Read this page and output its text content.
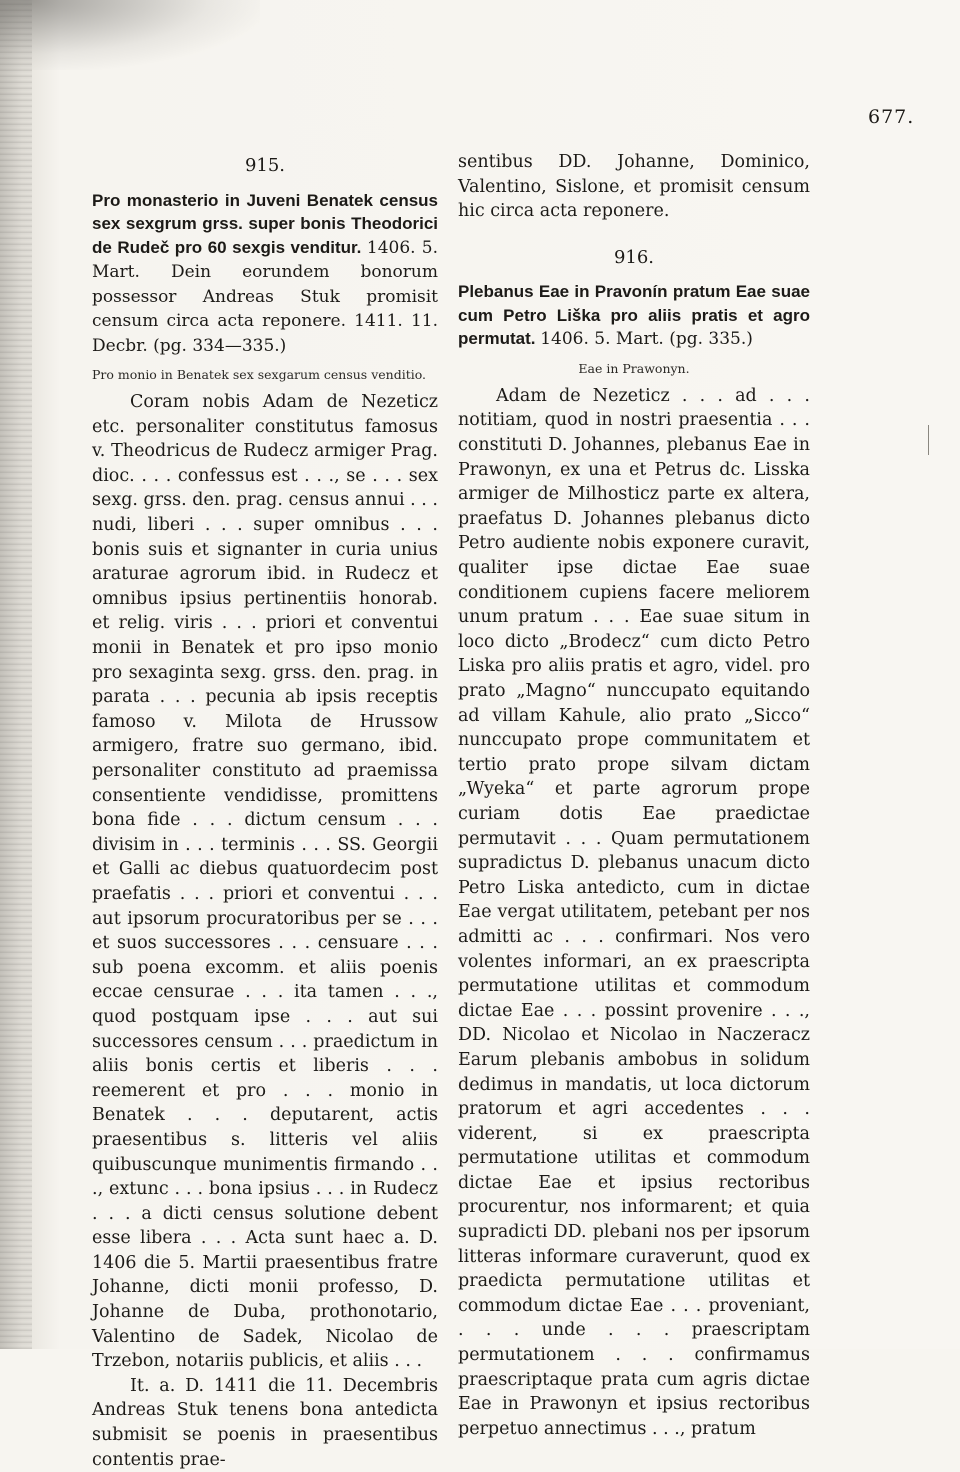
677.
915.
Pro monasterio in Juveni Benatek census sex sexgrum grss. super bonis Theodorici de Rudeč pro 60 sexgis venditur. 1406. 5. Mart. Dein eorundem bonorum possessor Andreas Stuk promisit censum circa acta reponere. 1411. 11. Decbr. (pg. 334—335.)
Pro monio in Benatek sex sexgarum census venditio.
Coram nobis Adam de Nezeticz etc. personaliter constitutus famosus v. Theodricus de Rudecz armiger Prag. dioc. . . . confessus est . . ., se . . . sex sexg. grss. den. prag. census annui . . . nudi, liberi . . . super omnibus . . . bonis suis et signanter in curia unius araturae agrorum ibid. in Rudecz et omnibus ipsius pertinentiis honorab. et relig. viris . . . priori et conventui monii in Benatek et pro ipso monio pro sexaginta sexg. grss. den. prag. in parata . . . pecunia ab ipsis receptis famoso v. Milota de Hrussow armigero, fratre suo germano, ibid. personaliter constituto ad praemissa consentiente vendidisse, promittens bona fide . . . dictum censum . . . divisim in . . . terminis . . . SS. Georgii et Galli ac diebus quatuordecim post praefatis . . . priori et conventui . . . aut ipsorum procuratoribus per se . . . et suos successores . . . censuare . . . sub poena excomm. et aliis poenis eccae censurae . . . ita tamen . . ., quod postquam ipse . . . aut sui successores censum . . . praedictum in aliis bonis certis et liberis . . . reemerent et pro . . . monio in Benatek . . . deputarent, actis praesentibus s. litteris vel aliis quibuscunque munimentis firmando . . ., extunc . . . bona ipsius . . . in Rudecz . . . a dicti census solutione debent esse libera . . . Acta sunt haec a. D. 1406 die 5. Martii praesentibus fratre Johanne, dicti monii professo, D. Johanne de Duba, prothonotario, Valentino de Sadek, Nicolao de Trzebon, notariis publicis, et aliis . . .
It. a. D. 1411 die 11. Decembris Andreas Stuk tenens bona antedicta submisit se poenis in praesentibus contentis prae-
sentibus DD. Johanne, Dominico, Valentino, Sislone, et promisit censum hic circa acta reponere.
916.
Plebanus Eae in Pravonín pratum Eae suae cum Petro Liška pro aliis pratis et agro permutat. 1406. 5. Mart. (pg. 335.)
Eae in Prawonyn.
Adam de Nezeticz . . . ad . . . notitiam, quod in nostri praesentia . . . constituti D. Johannes, plebanus Eae in Prawonyn, ex una et Petrus dc. Lisska armiger de Milhosticz parte ex altera, praefatus D. Johannes plebanus dicto Petro audiente nobis exponere curavit, qualiter ipse dictae Eae suae conditionem cupiens facere meliorem unum pratum . . . Eae suae situm in loco dicto „Brodecz“ cum dicto Petro Liska pro aliis pratis et agro, videl. pro prato „Magno“ nunccupato equitando ad villam Kahule, alio prato „Sicco“ nunccupato prope communitatem et tertio prato prope silvam dictam „Wyeka“ et parte agrorum prope curiam dotis Eae praedictae permutavit . . . Quam permutationem supradictus D. plebanus unacum dicto Petro Liska antedicto, cum in dictae Eae vergat utilitatem, petebant per nos admitti ac . . . confirmari. Nos vero volentes informari, an ex praescripta permutatione utilitas et commodum dictae Eae . . . possint provenire . . ., DD. Nicolao et Nicolao in Naczeracz Earum plebanis ambobus in solidum dedimus in mandatis, ut loca dictorum pratorum et agri accedentes . . . viderent, si ex praescripta permutatione utilitas et commodum dictae Eae et ipsius rectoribus procurentur, nos informarent; et quia supradicti DD. plebani nos per ipsorum litteras informare curaverunt, quod ex praedicta permutatione utilitas et commodum dictae Eae . . . proveniant, . . . unde . . . praescriptam permutationem . . . confirmamus praescriptaque prata cum agris dictae Eae in Prawonyn et ipsius rectoribus perpetuo annectimus . . ., pratum
